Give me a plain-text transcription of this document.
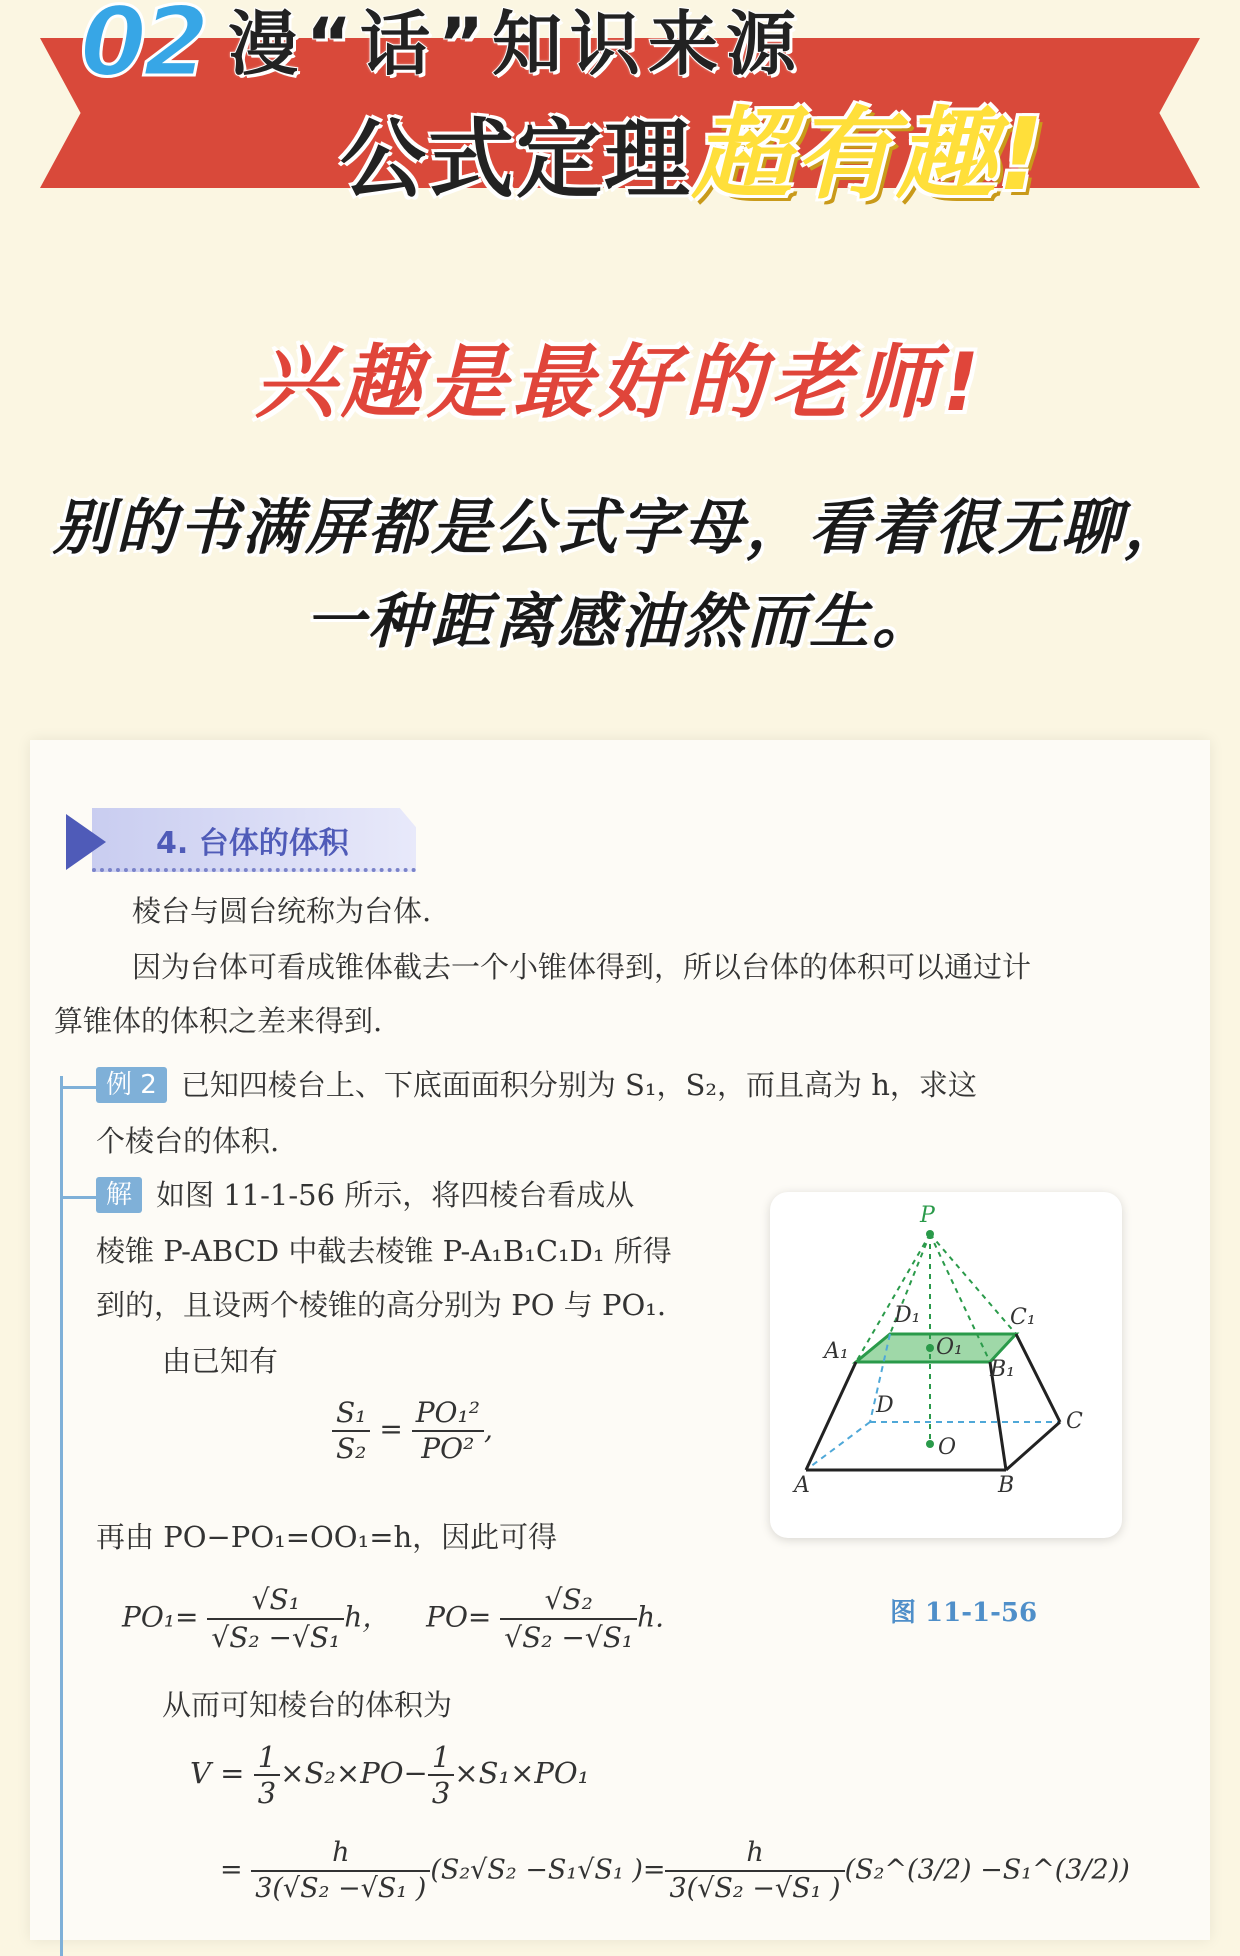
02 漫“话”知识来源
公式定理超有趣!
兴趣是最好的老师!
别的书满屏都是公式字母，看着很无聊，
一种距离感油然而生。
4. 台体的体积
棱台与圆台统称为台体.
因为台体可看成锥体截去一个小锥体得到，所以台体的体积可以通过计
算锥体的体积之差来得到.
例 2 已知四棱台上、下底面面积分别为 S₁，S₂，而且高为 h，求这
个棱台的体积.
解 如图 11-1-56 所示，将四棱台看成从
棱锥 P-ABCD 中截去棱锥 P-A₁B₁C₁D₁ 所得
到的，且设两个棱锥的高分别为 PO 与 PO₁.
由已知有
$\frac{\text{S₁}}{\text{S₂}} = \frac{\text{PO₁²}}{\text{PO²}}$ ,
再由 PO−PO₁=OO₁=h，因此可得
$PO_1= \frac{\text{√S₁}}{\text{√S₂ −√S₁}}$ h， $PO= \frac{\text{√S₂}}{\text{√S₂ −√S₁}} h$.
从而可知棱台的体积为
$V = \frac{1}{3} \times S_2\times PO- \frac{1}{3} \times S_1\times PO_1$
= $\frac{h}{\text{3(√S₂ −√S₁ )}} (S_2√S_2 -S_1√S_1$ )= $\frac{h}{\text{3(√S₂ −√S₁ )}}$ (S₂^(3/2) −S₁^(3/2))
P
D₁	C₁
A₁	O₁
B₁
D
C
O
A	B
图 11-1-56
